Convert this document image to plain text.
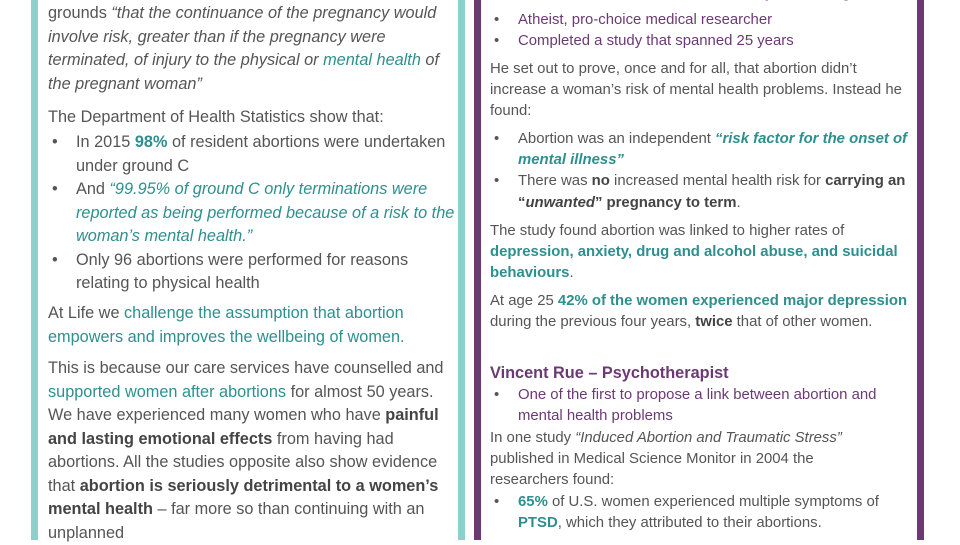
grounds “that the continuance of the pregnancy would involve risk, greater than if the pregnancy were terminated, of injury to the physical or mental health of the pregnant woman”

The Department of Health Statistics show that:

• In 2015 98% of resident abortions were undertaken under ground C
• And “99.95% of ground C only terminations were reported as being performed because of a risk to the woman’s mental health.”
• Only 96 abortions were performed for reasons relating to physical health

At Life we challenge the assumption that abortion empowers and improves the wellbeing of women.

This is because our care services have counselled and supported women after abortions for almost 50 years. We have experienced many women who have painful and lasting emotional effects from having had abortions. All the studies opposite also show evidence that abortion is seriously detrimental to a women’s mental health – far more so than continuing with an unplanned

• Atheist, pro-choice medical researcher
• Completed a study that spanned 25 years

He set out to prove, once and for all, that abortion didn’t increase a woman’s risk of mental health problems. Instead he found:

• Abortion was an independent “risk factor for the onset of mental illness”
• There was no increased mental health risk for carrying an “unwanted” pregnancy to term.

The study found abortion was linked to higher rates of depression, anxiety, drug and alcohol abuse, and suicidal behaviours.

At age 25 42% of the women experienced major depression during the previous four years, twice that of other women.

Vincent Rue – Psychotherapist

• One of the first to propose a link between abortion and mental health problems

In one study “Induced Abortion and Traumatic Stress” published in Medical Science Monitor in 2004 the researchers found:

• 65% of U.S. women experienced multiple symptoms of PTSD, which they attributed to their abortions.
